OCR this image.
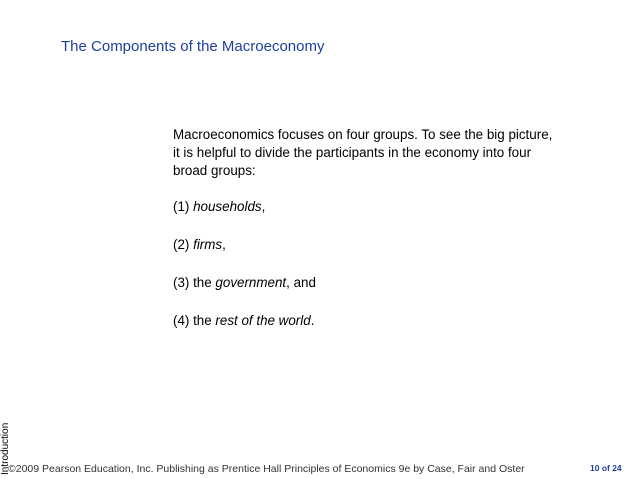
The Components of the Macroeconomy

Macroeconomics focuses on four groups. To see the big picture, it is helpful to divide the participants in the economy into four broad groups:

(1) households,

(2) firms,

(3) the government, and

(4) the rest of the world.

Introduction
©2009 Pearson Education, Inc. Publishing as Prentice Hall Principles of Economics 9e by Case, Fair and Oster	10 of 24
